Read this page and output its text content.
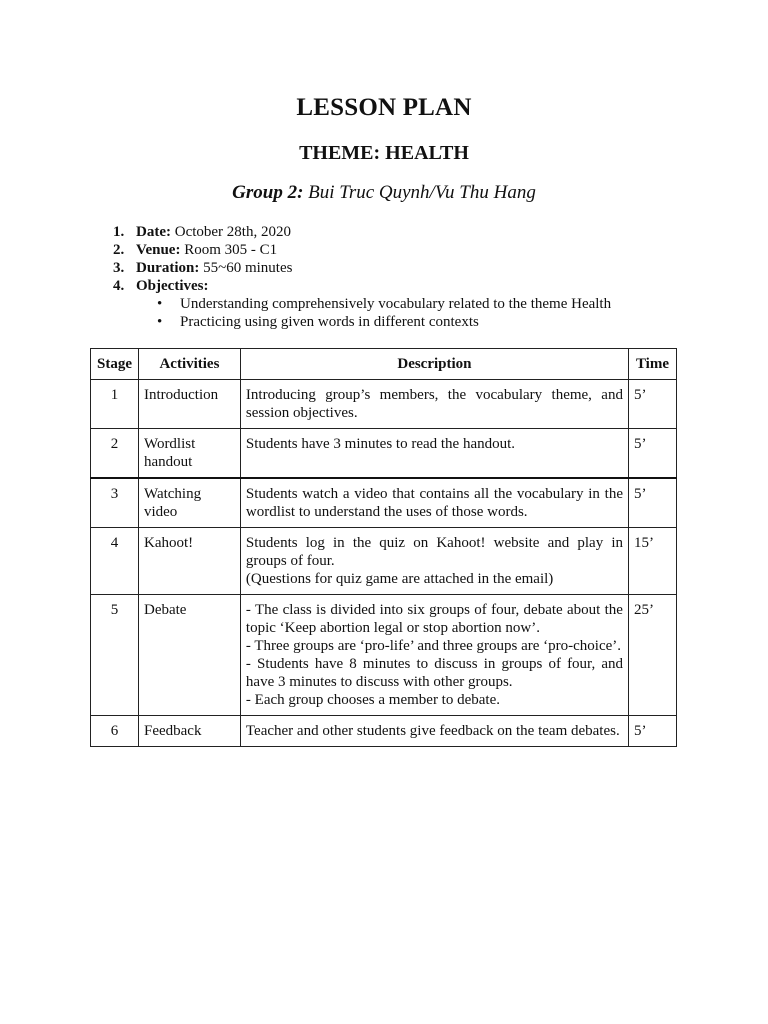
LESSON PLAN
THEME: HEALTH
Group 2: Bui Truc Quynh/Vu Thu Hang
1. Date: October 28th, 2020
2. Venue: Room 305 - C1
3. Duration: 55~60 minutes
4. Objectives:
• Understanding comprehensively vocabulary related to the theme Health
• Practicing using given words in different contexts
Stage	Activities	Description	Time
1	Introduction	Introducing group’s members, the vocabulary theme, and session objectives.	5’
2	Wordlist
handout	Students have 3 minutes to read the handout.	5’
3	Watching
video	Students watch a video that contains all the vocabulary in the wordlist to understand the uses of those words.	5’
4	Kahoot!	Students log in the quiz on Kahoot! website and play in groups of four.
(Questions for quiz game are attached in the email)	15’
5	Debate	- The class is divided into six groups of four, debate about the topic ‘Keep abortion legal or stop abortion now’.
- Three groups are ‘pro-life’ and three groups are ‘pro-choice’.
- Students have 8 minutes to discuss in groups of four, and have 3 minutes to discuss with other groups.
- Each group chooses a member to debate.	25’
6	Feedback	Teacher and other students give feedback on the team debates.	5’
